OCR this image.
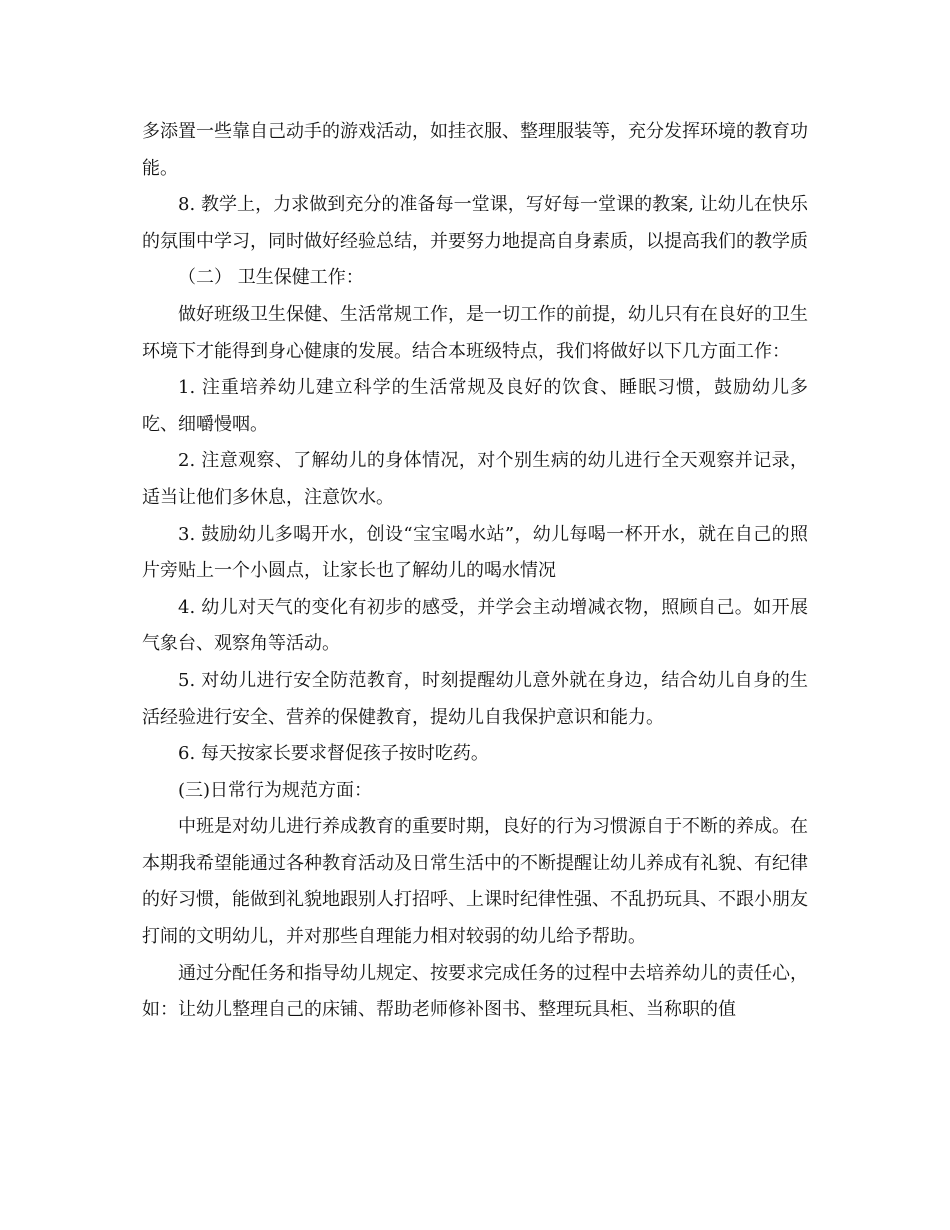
多添置一些靠自己动手的游戏活动，如挂衣服、整理服装等，充分发挥环境的教育功能。

8. 教学上，力求做到充分的准备每一堂课，写好每一堂课的教案, 让幼儿在快乐的氛围中学习，同时做好经验总结，并要努力地提高自身素质，以提高我们的教学质

（二） 卫生保健工作：

做好班级卫生保健、生活常规工作，是一切工作的前提，幼儿只有在良好的卫生环境下才能得到身心健康的发展。结合本班级特点，我们将做好以下几方面工作：

1. 注重培养幼儿建立科学的生活常规及良好的饮食、睡眠习惯，鼓励幼儿多吃、细嚼慢咽。

2. 注意观察、了解幼儿的身体情况，对个别生病的幼儿进行全天观察并记录，适当让他们多休息，注意饮水。

3. 鼓励幼儿多喝开水，创设“宝宝喝水站”，幼儿每喝一杯开水，就在自己的照片旁贴上一个小圆点，让家长也了解幼儿的喝水情况

4. 幼儿对天气的变化有初步的感受，并学会主动增减衣物，照顾自己。如开展气象台、观察角等活动。

5. 对幼儿进行安全防范教育，时刻提醒幼儿意外就在身边，结合幼儿自身的生活经验进行安全、营养的保健教育，提幼儿自我保护意识和能力。

6. 每天按家长要求督促孩子按时吃药。

(三)日常行为规范方面：

中班是对幼儿进行养成教育的重要时期，良好的行为习惯源自于不断的养成。在本期我希望能通过各种教育活动及日常生活中的不断提醒让幼儿养成有礼貌、有纪律的好习惯，能做到礼貌地跟别人打招呼、上课时纪律性强、不乱扔玩具、不跟小朋友打闹的文明幼儿，并对那些自理能力相对较弱的幼儿给予帮助。

通过分配任务和指导幼儿规定、按要求完成任务的过程中去培养幼儿的责任心，如：让幼儿整理自己的床铺、帮助老师修补图书、整理玩具柜、当称职的值
